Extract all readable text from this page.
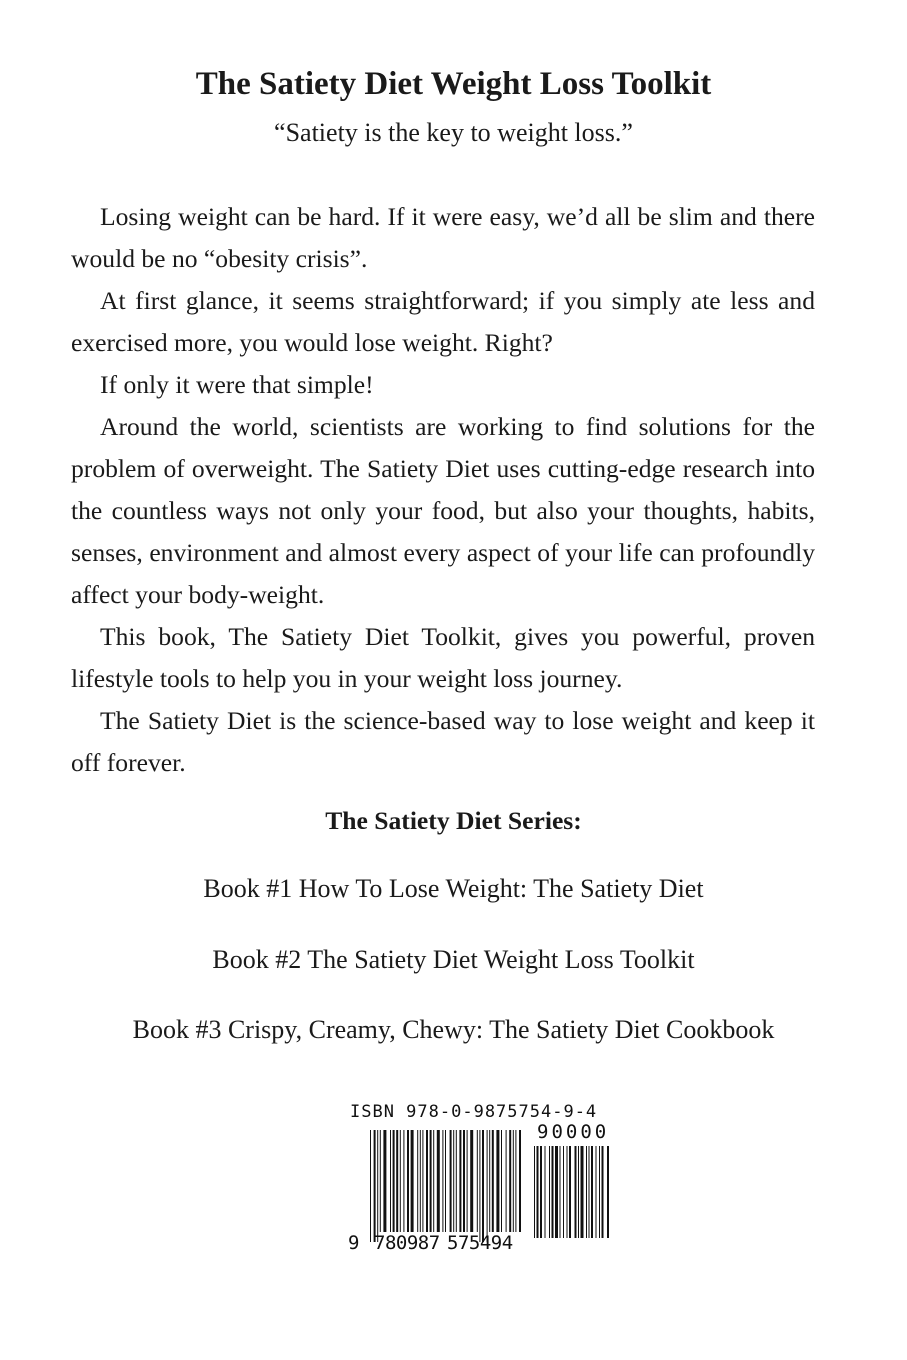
The Satiety Diet Weight Loss Toolkit
“Satiety is the key to weight loss.”

Losing weight can be hard. If it were easy, we’d all be slim and there would be no “obesity crisis”.

At first glance, it seems straightforward; if you simply ate less and exercised more, you would lose weight. Right?

If only it were that simple!

Around the world, scientists are working to find solutions for the problem of overweight. The Satiety Diet uses cutting-edge research into the countless ways not only your food, but also your thoughts, habits, senses, environment and almost every aspect of your life can profoundly affect your body-weight.

This book, The Satiety Diet Toolkit, gives you powerful, proven lifestyle tools to help you in your weight loss journey.

The Satiety Diet is the science-based way to lose weight and keep it off forever.

The Satiety Diet Series:
Book #1 How To Lose Weight: The Satiety Diet
Book #2 The Satiety Diet Weight Loss Toolkit
Book #3 Crispy, Creamy, Chewy: The Satiety Diet Cookbook
ISBN 978-0-9875754-9-4
90000
9 780987 575494
